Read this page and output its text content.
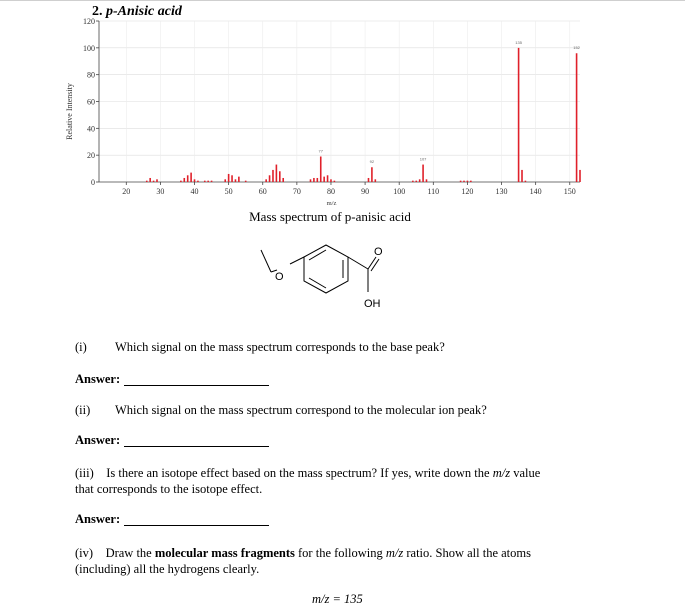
2. p-Anisic acid
0
20
40
60
80
100
120
20	30	40	50	60	70	80	90	100	110	120	130	140	150
135
152
77
92
107
m/z
Relative Intensity
Mass spectrum of p-anisic acid
O
O
OH
(i) Which signal on the mass spectrum corresponds to the base peak?
Answer:
(ii) Which signal on the mass spectrum correspond to the molecular ion peak?
Answer:
(iii) Is there an isotope effect based on the mass spectrum? If yes, write down the m/z value
that corresponds to the isotope effect.
Answer:
(iv) Draw the molecular mass fragments for the following m/z ratio. Show all the atoms
(including) all the hydrogens clearly.
m/z = 135
